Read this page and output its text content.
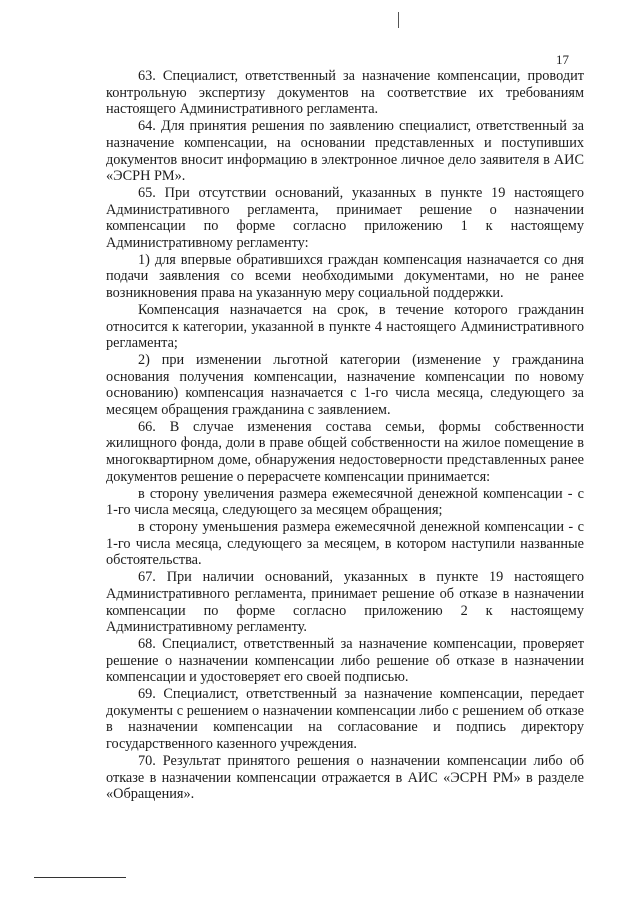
17

63. Специалист, ответственный за назначение компенсации, проводит контрольную экспертизу документов на соответствие их требованиям настоящего Административного регламента.

64. Для принятия решения по заявлению специалист, ответственный за назначение компенсации, на основании представленных и поступивших документов вносит информацию в электронное личное дело заявителя в АИС «ЭСРН РМ».

65. При отсутствии оснований, указанных в пункте 19 настоящего Административного регламента, принимает решение о назначении компенсации по форме согласно приложению 1 к настоящему Административному регламенту:

1) для впервые обратившихся граждан компенсация назначается со дня подачи заявления со всеми необходимыми документами, но не ранее возникновения права на указанную меру социальной поддержки.

Компенсация назначается на срок, в течение которого гражданин относится к категории, указанной в пункте 4 настоящего Административного регламента;

2) при изменении льготной категории (изменение у гражданина основания получения компенсации, назначение компенсации по новому основанию) компенсация назначается с 1-го числа месяца, следующего за месяцем обращения гражданина с заявлением.

66. В случае изменения состава семьи, формы собственности жилищного фонда, доли в праве общей собственности на жилое помещение в многоквартирном доме, обнаружения недостоверности представленных ранее документов решение о перерасчете компенсации принимается:

в сторону увеличения размера ежемесячной денежной компенсации - с 1-го числа месяца, следующего за месяцем обращения;

в сторону уменьшения размера ежемесячной денежной компенсации - с 1-го числа месяца, следующего за месяцем, в котором наступили названные обстоятельства.

67. При наличии оснований, указанных в пункте 19 настоящего Административного регламента, принимает решение об отказе в назначении компенсации по форме согласно приложению 2 к настоящему Административному регламенту.

68. Специалист, ответственный за назначение компенсации, проверяет решение о назначении компенсации либо решение об отказе в назначении компенсации и удостоверяет его своей подписью.

69. Специалист, ответственный за назначение компенсации, передает документы с решением о назначении компенсации либо с решением об отказе в назначении компенсации на согласование и подпись директору государственного казенного учреждения.

70. Результат принятого решения о назначении компенсации либо об отказе в назначении компенсации отражается в АИС «ЭСРН РМ» в разделе «Обращения».
